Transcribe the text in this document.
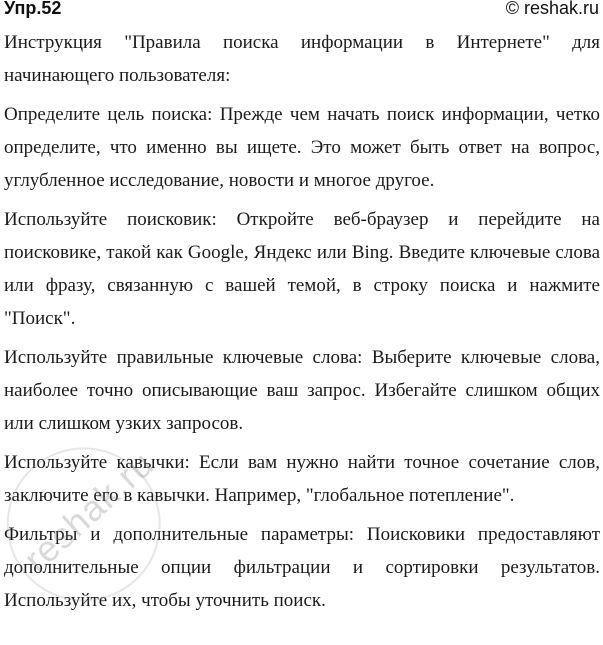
Упр.52	© reshak.ru

Инструкция "Правила поиска информации в Интернете" для начинающего пользователя:

Определите цель поиска: Прежде чем начать поиск информации, четко определите, что именно вы ищете. Это может быть ответ на вопрос, углубленное исследование, новости и многое другое.

Используйте поисковик: Откройте веб-браузер и перейдите на поисковике, такой как Google, Яндекс или Bing. Введите ключевые слова или фразу, связанную с вашей темой, в строку поиска и нажмите "Поиск".

Используйте правильные ключевые слова: Выберите ключевые слова, наиболее точно описывающие ваш запрос. Избегайте слишком общих или слишком узких запросов.

Используйте кавычки: Если вам нужно найти точное сочетание слов, заключите его в кавычки. Например, "глобальное потепление".

Фильтры и дополнительные параметры: Поисковики предоставляют дополнительные опции фильтрации и сортировки результатов. Используйте их, чтобы уточнить поиск.

reshak.ru
